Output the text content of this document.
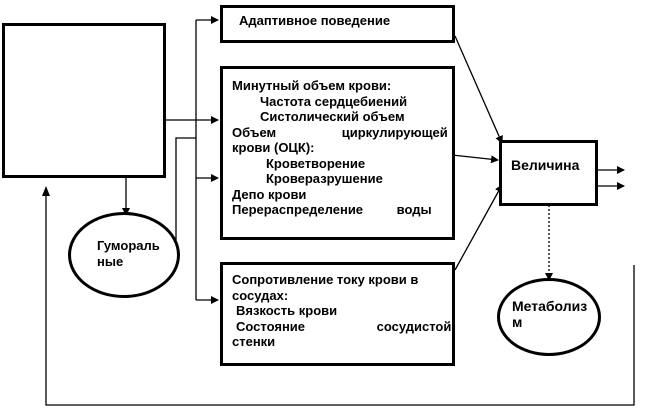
Адаптивное поведение
Минутный объем крови:
Частота сердцебиений
Систолический объем
Объем циркулирующей
крови (ОЦК):
Кроветворение
Кроверазрушение
Депо крови
Перераспределение воды
Сопротивление току крови в
сосудах:
Вязкость крови
Состояние сосудистой
стенки
Величина
Гуморальные
Метаболизм
